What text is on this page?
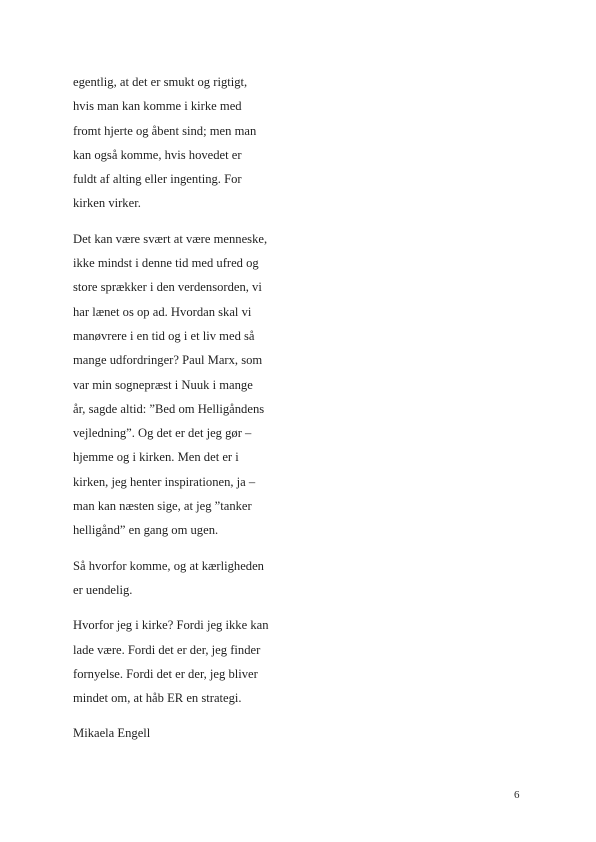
egentlig, at det er smukt og rigtigt,
hvis man kan komme i kirke med
fromt hjerte og åbent sind; men man
kan også komme, hvis hovedet er
fuldt af alting eller ingenting. For
kirken virker.

Det kan være svært at være menneske,
ikke mindst i denne tid med ufred og
store sprækker i den verdensorden, vi
har lænet os op ad. Hvordan skal vi
manøvrere i en tid og i et liv med så
mange udfordringer? Paul Marx, som
var min sognepræst i Nuuk i mange
år, sagde altid: ”Bed om Helligåndens
vejledning”. Og det er det jeg gør –
hjemme og i kirken. Men det er i
kirken, jeg henter inspirationen, ja –
man kan næsten sige, at jeg ”tanker
helligånd” en gang om ugen.

Så hvorfor komme, og at kærligheden
er uendelig.

Hvorfor jeg i kirke? Fordi jeg ikke kan
lade være. Fordi det er der, jeg finder
fornyelse. Fordi det er der, jeg bliver
mindet om, at håb ER en strategi.

Mikaela Engell

6
